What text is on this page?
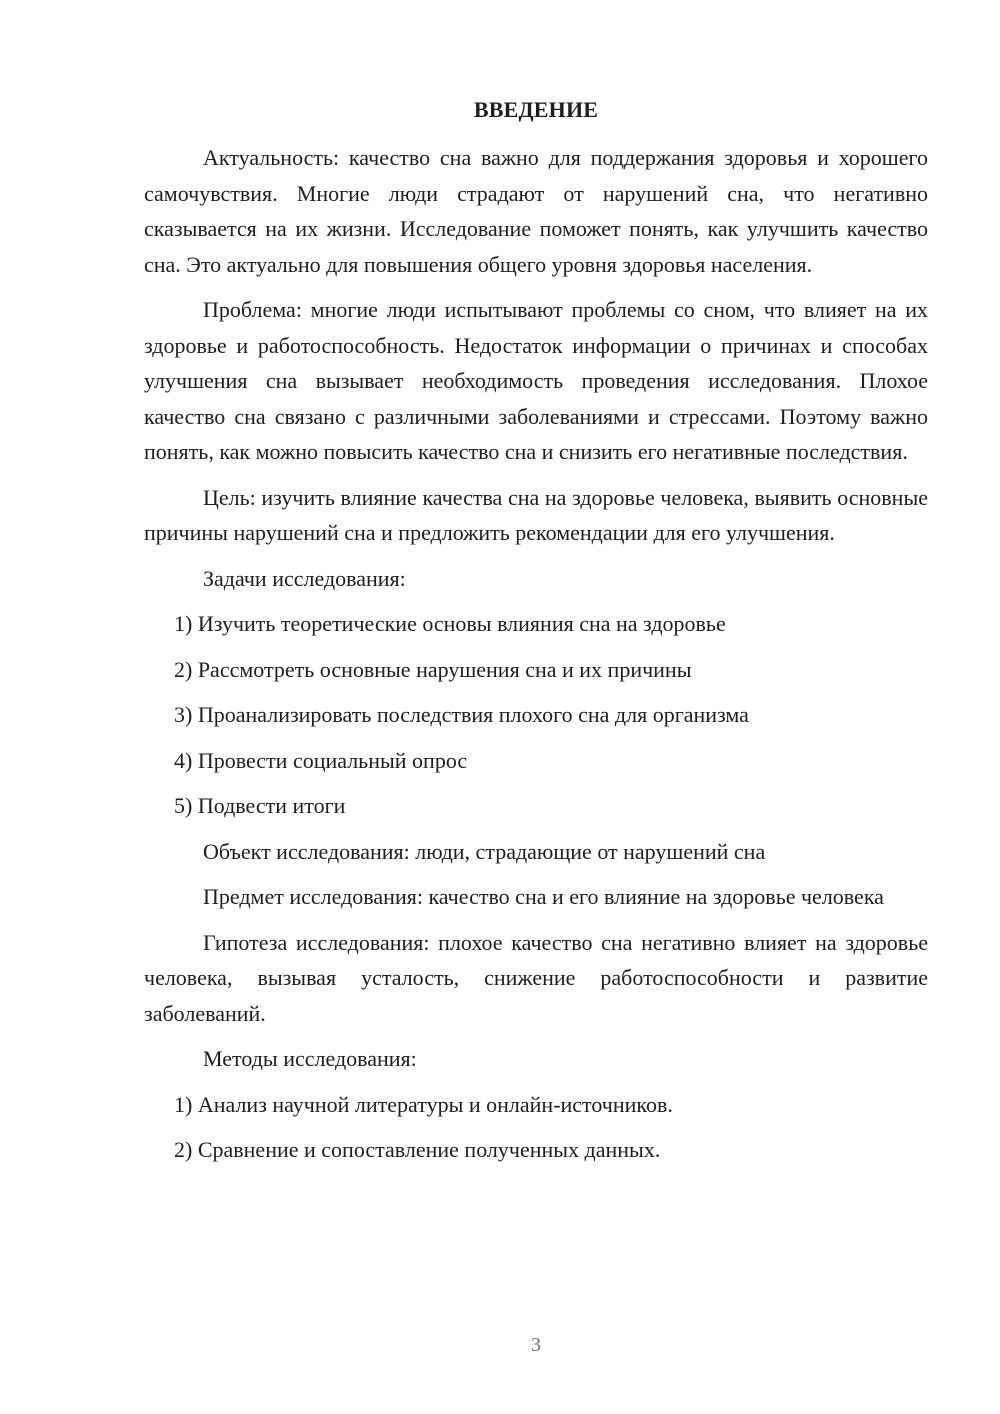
ВВЕДЕНИЕ

Актуальность: качество сна важно для поддержания здоровья и хорошего самочувствия. Многие люди страдают от нарушений сна, что негативно сказывается на их жизни. Исследование поможет понять, как улучшить качество сна. Это актуально для повышения общего уровня здоровья населения.

Проблема: многие люди испытывают проблемы со сном, что влияет на их здоровье и работоспособность. Недостаток информации о причинах и способах улучшения сна вызывает необходимость проведения исследования. Плохое качество сна связано с различными заболеваниями и стрессами. Поэтому важно понять, как можно повысить качество сна и снизить его негативные последствия.

Цель: изучить влияние качества сна на здоровье человека, выявить основные причины нарушений сна и предложить рекомендации для его улучшения.

Задачи исследования:

1) Изучить теоретические основы влияния сна на здоровье

2) Рассмотреть основные нарушения сна и их причины

3) Проанализировать последствия плохого сна для организма

4) Провести социальный опрос

5) Подвести итоги

Объект исследования: люди, страдающие от нарушений сна

Предмет исследования: качество сна и его влияние на здоровье человека

Гипотеза исследования: плохое качество сна негативно влияет на здоровье человека, вызывая усталость, снижение работоспособности и развитие заболеваний.

Методы исследования:

1) Анализ научной литературы и онлайн-источников.

2) Сравнение и сопоставление полученных данных.

3
